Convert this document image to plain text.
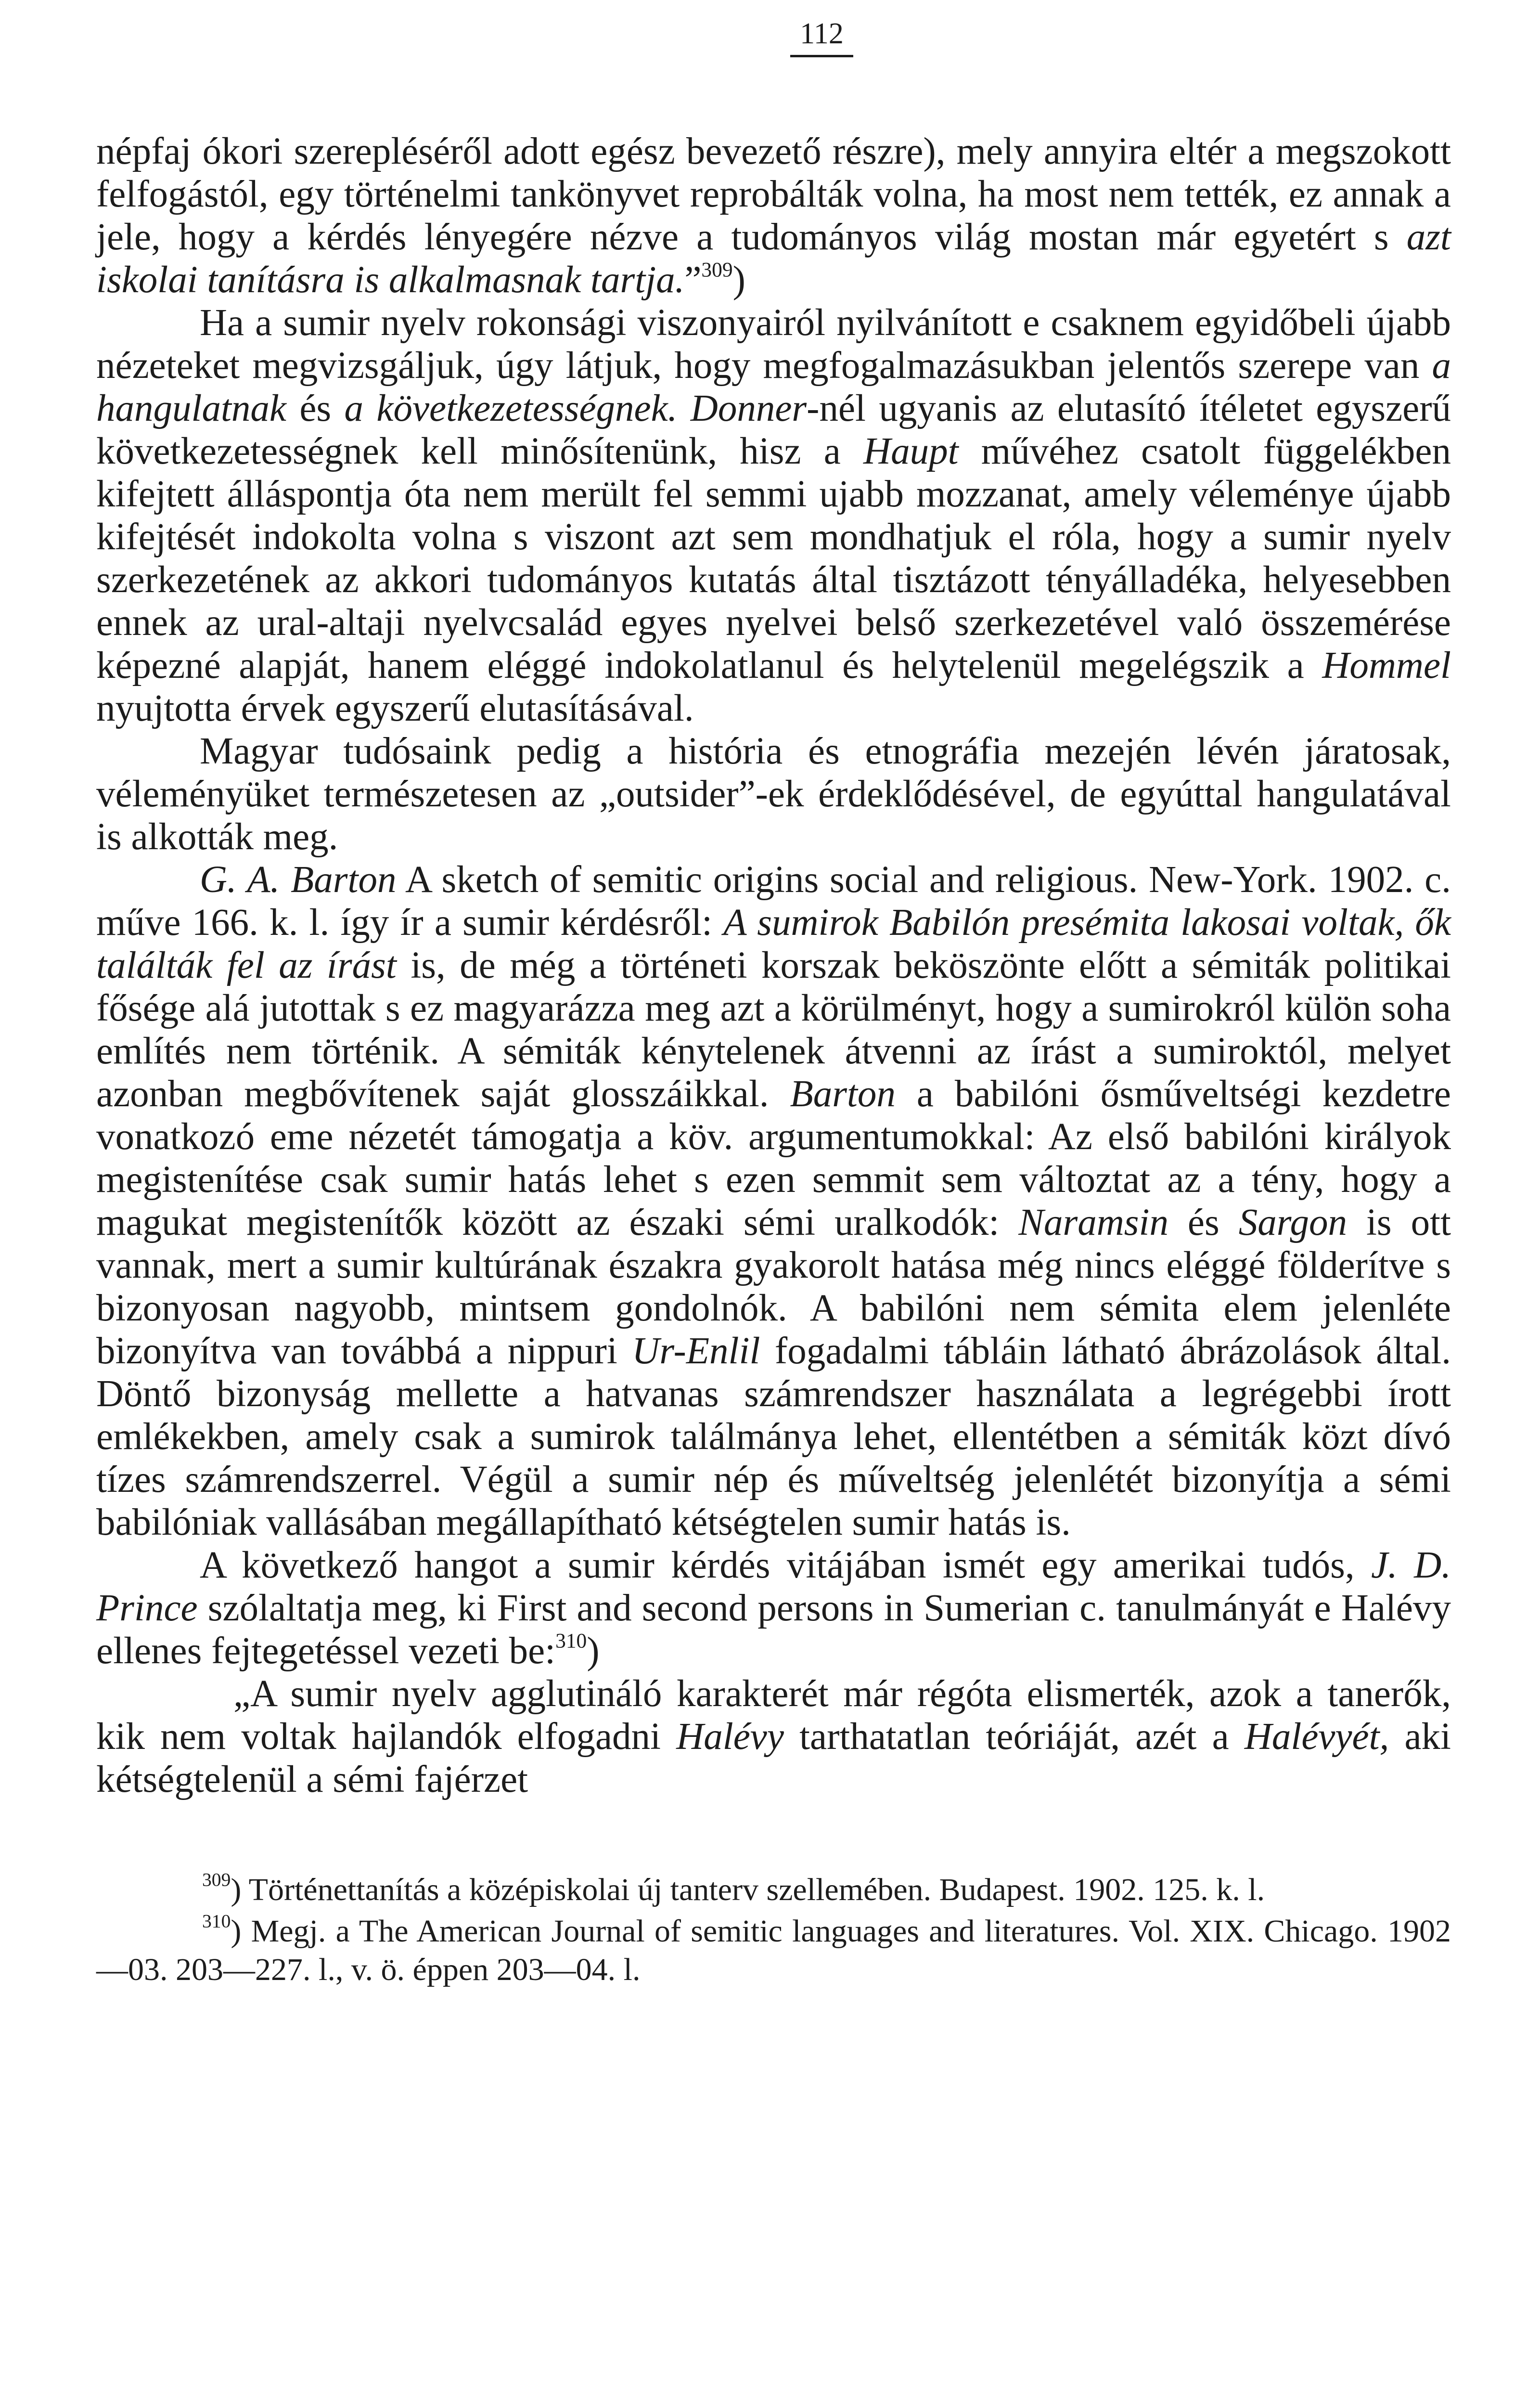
112

népfaj ókori szerepléséről adott egész bevezető részre), mely annyira eltér a megszokott felfogástól, egy történelmi tankönyvet reprobálták volna, ha most nem tették, ez annak a jele, hogy a kérdés lényegére nézve a tudományos világ mostan már egyetért s azt iskolai tanításra is alkalmasnak tartja.”$^{309}$)

Ha a sumir nyelv rokonsági viszonyairól nyilvánított e csaknem egyidőbeli újabb nézeteket megvizsgáljuk, úgy látjuk, hogy megfogalmazásukban jelentős szerepe van a hangulatnak és a következetességnek. Donner-nél ugyanis az elutasító ítéletet egyszerű következetességnek kell minősítenünk, hisz a Haupt művéhez csatolt függelékben kifejtett álláspontja óta nem merült fel semmi ujabb mozzanat, amely véleménye újabb kifejtését indokolta volna s viszont azt sem mondhatjuk el róla, hogy a sumir nyelv szerkezetének az akkori tudományos kutatás által tisztázott tényálladéka, helyesebben ennek az ural-altaji nyelvcsalád egyes nyelvei belső szerkezetével való összemérése képezné alapját, hanem eléggé indokolatlanul és helytelenül megelégszik a Hommel nyujtotta érvek egyszerű elutasításával.

Magyar tudósaink pedig a história és etnográfia mezején lévén járatosak, véleményüket természetesen az „outsider”-ek érdeklődésével, de egyúttal hangulatával is alkották meg.

G. A. Barton A sketch of semitic origins social and religious. New-York. 1902. c. műve 166. k. l. így ír a sumir kérdésről: A sumirok Babilón presémita lakosai voltak, ők találták fel az írást is, de még a történeti korszak beköszönte előtt a sémiták politikai fősége alá jutottak s ez magyarázza meg azt a körülményt, hogy a sumirokról külön soha említés nem történik. A sémiták kénytelenek átvenni az írást a sumiroktól, melyet azonban megbővítenek saját glosszáikkal. Barton a babilóni ősműveltségi kezdetre vonatkozó eme nézetét támogatja a köv. argumentumokkal: Az első babilóni királyok megistenítése csak sumir hatás lehet s ezen semmit sem változtat az a tény, hogy a magukat megistenítők között az északi sémi uralkodók: Naramsin és Sargon is ott vannak, mert a sumir kultúrának északra gyakorolt hatása még nincs eléggé földerítve s bizonyosan nagyobb, mintsem gondolnók. A babilóni nem sémita elem jelenléte bizonyítva van továbbá a nippuri Ur-Enlil fogadalmi tábláin látható ábrázolások által. Döntő bizonyság mellette a hatvanas számrendszer használata a legrégebbi írott emlékekben, amely csak a sumirok találmánya lehet, ellentétben a sémiták közt dívó tízes számrendszerrel. Végül a sumir nép és műveltség jelenlétét bizonyítja a sémi babilóniak vallásában megállapítható kétségtelen sumir hatás is.

A következő hangot a sumir kérdés vitájában ismét egy amerikai tudós, J. D. Prince szólaltatja meg, ki First and second persons in Sumerian c. tanulmányát e Halévy ellenes fejtegetéssel vezeti be:$^{310}$)

„A sumir nyelv agglutináló karakterét már régóta elismerték, azok a tanerők, kik nem voltak hajlandók elfogadni Halévy tarthatatlan teóriáját, azét a Halévyét, aki kétségtelenül a sémi fajérzet

$^{309}$) Történettanítás a középiskolai új tanterv szellemében. Budapest. 1902. 125. k. l.

$^{310}$) Megj. a The American Journal of semitic languages and literatures. Vol. XIX. Chicago. 1902—03. 203—227. l., v. ö. éppen 203—04. l.
